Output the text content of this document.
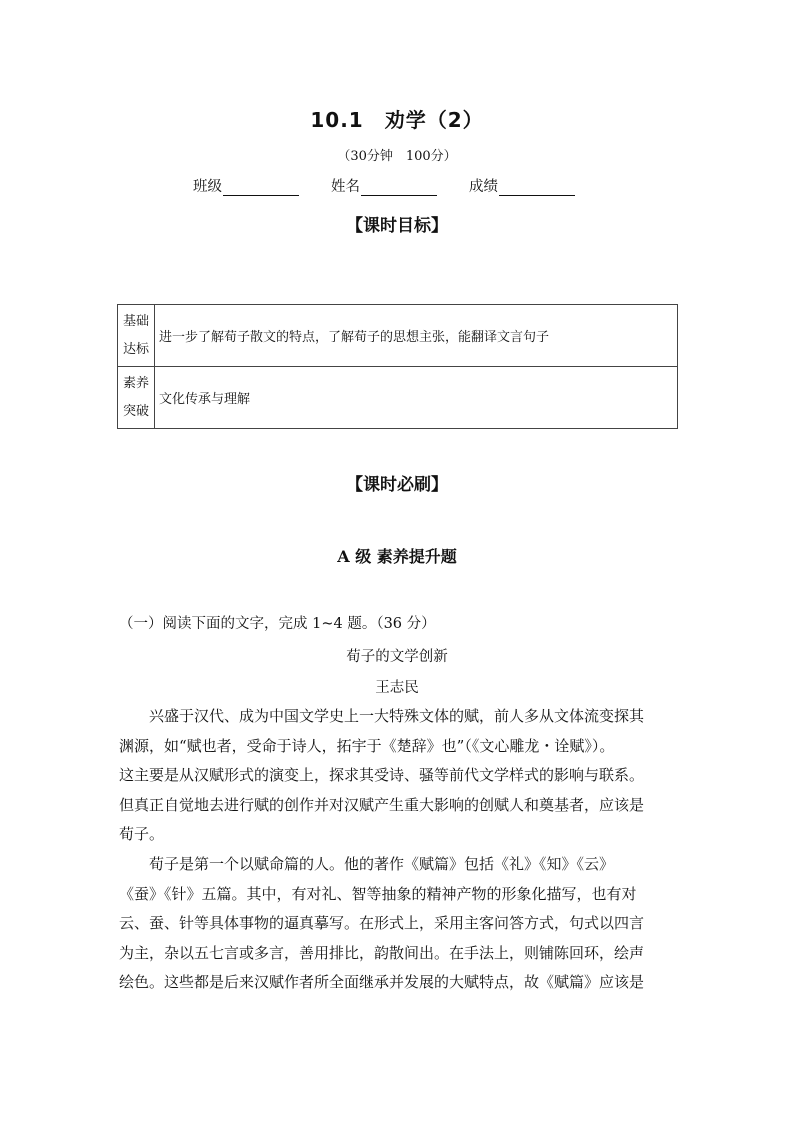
10.1　劝学（2）
（30分钟　100分）
班级	姓名	成绩
【课时目标】
基础
达标	进一步了解荀子散文的特点，了解荀子的思想主张，能翻译文言句子
素养
突破	文化传承与理解
【课时必刷】
A 级 素养提升题
（一）阅读下面的文字，完成 1~4 题。（36 分）
荀子的文学创新
王志民
　　兴盛于汉代、成为中国文学史上一大特殊文体的赋，前人多从文体流变探其
渊源，如“赋也者，受命于诗人，拓宇于《楚辞》也”（《文心雕龙・诠赋》）。
这主要是从汉赋形式的演变上，探求其受诗、骚等前代文学样式的影响与联系。
但真正自觉地去进行赋的创作并对汉赋产生重大影响的创赋人和奠基者，应该是
荀子。
　　荀子是第一个以赋命篇的人。他的著作《赋篇》包括《礼》《知》《云》
《蚕》《针》五篇。其中，有对礼、智等抽象的精神产物的形象化描写，也有对
云、蚕、针等具体事物的逼真摹写。在形式上，采用主客问答方式，句式以四言
为主，杂以五七言或多言，善用排比，韵散间出。在手法上，则铺陈回环，绘声
绘色。这些都是后来汉赋作者所全面继承并发展的大赋特点，故《赋篇》应该是
